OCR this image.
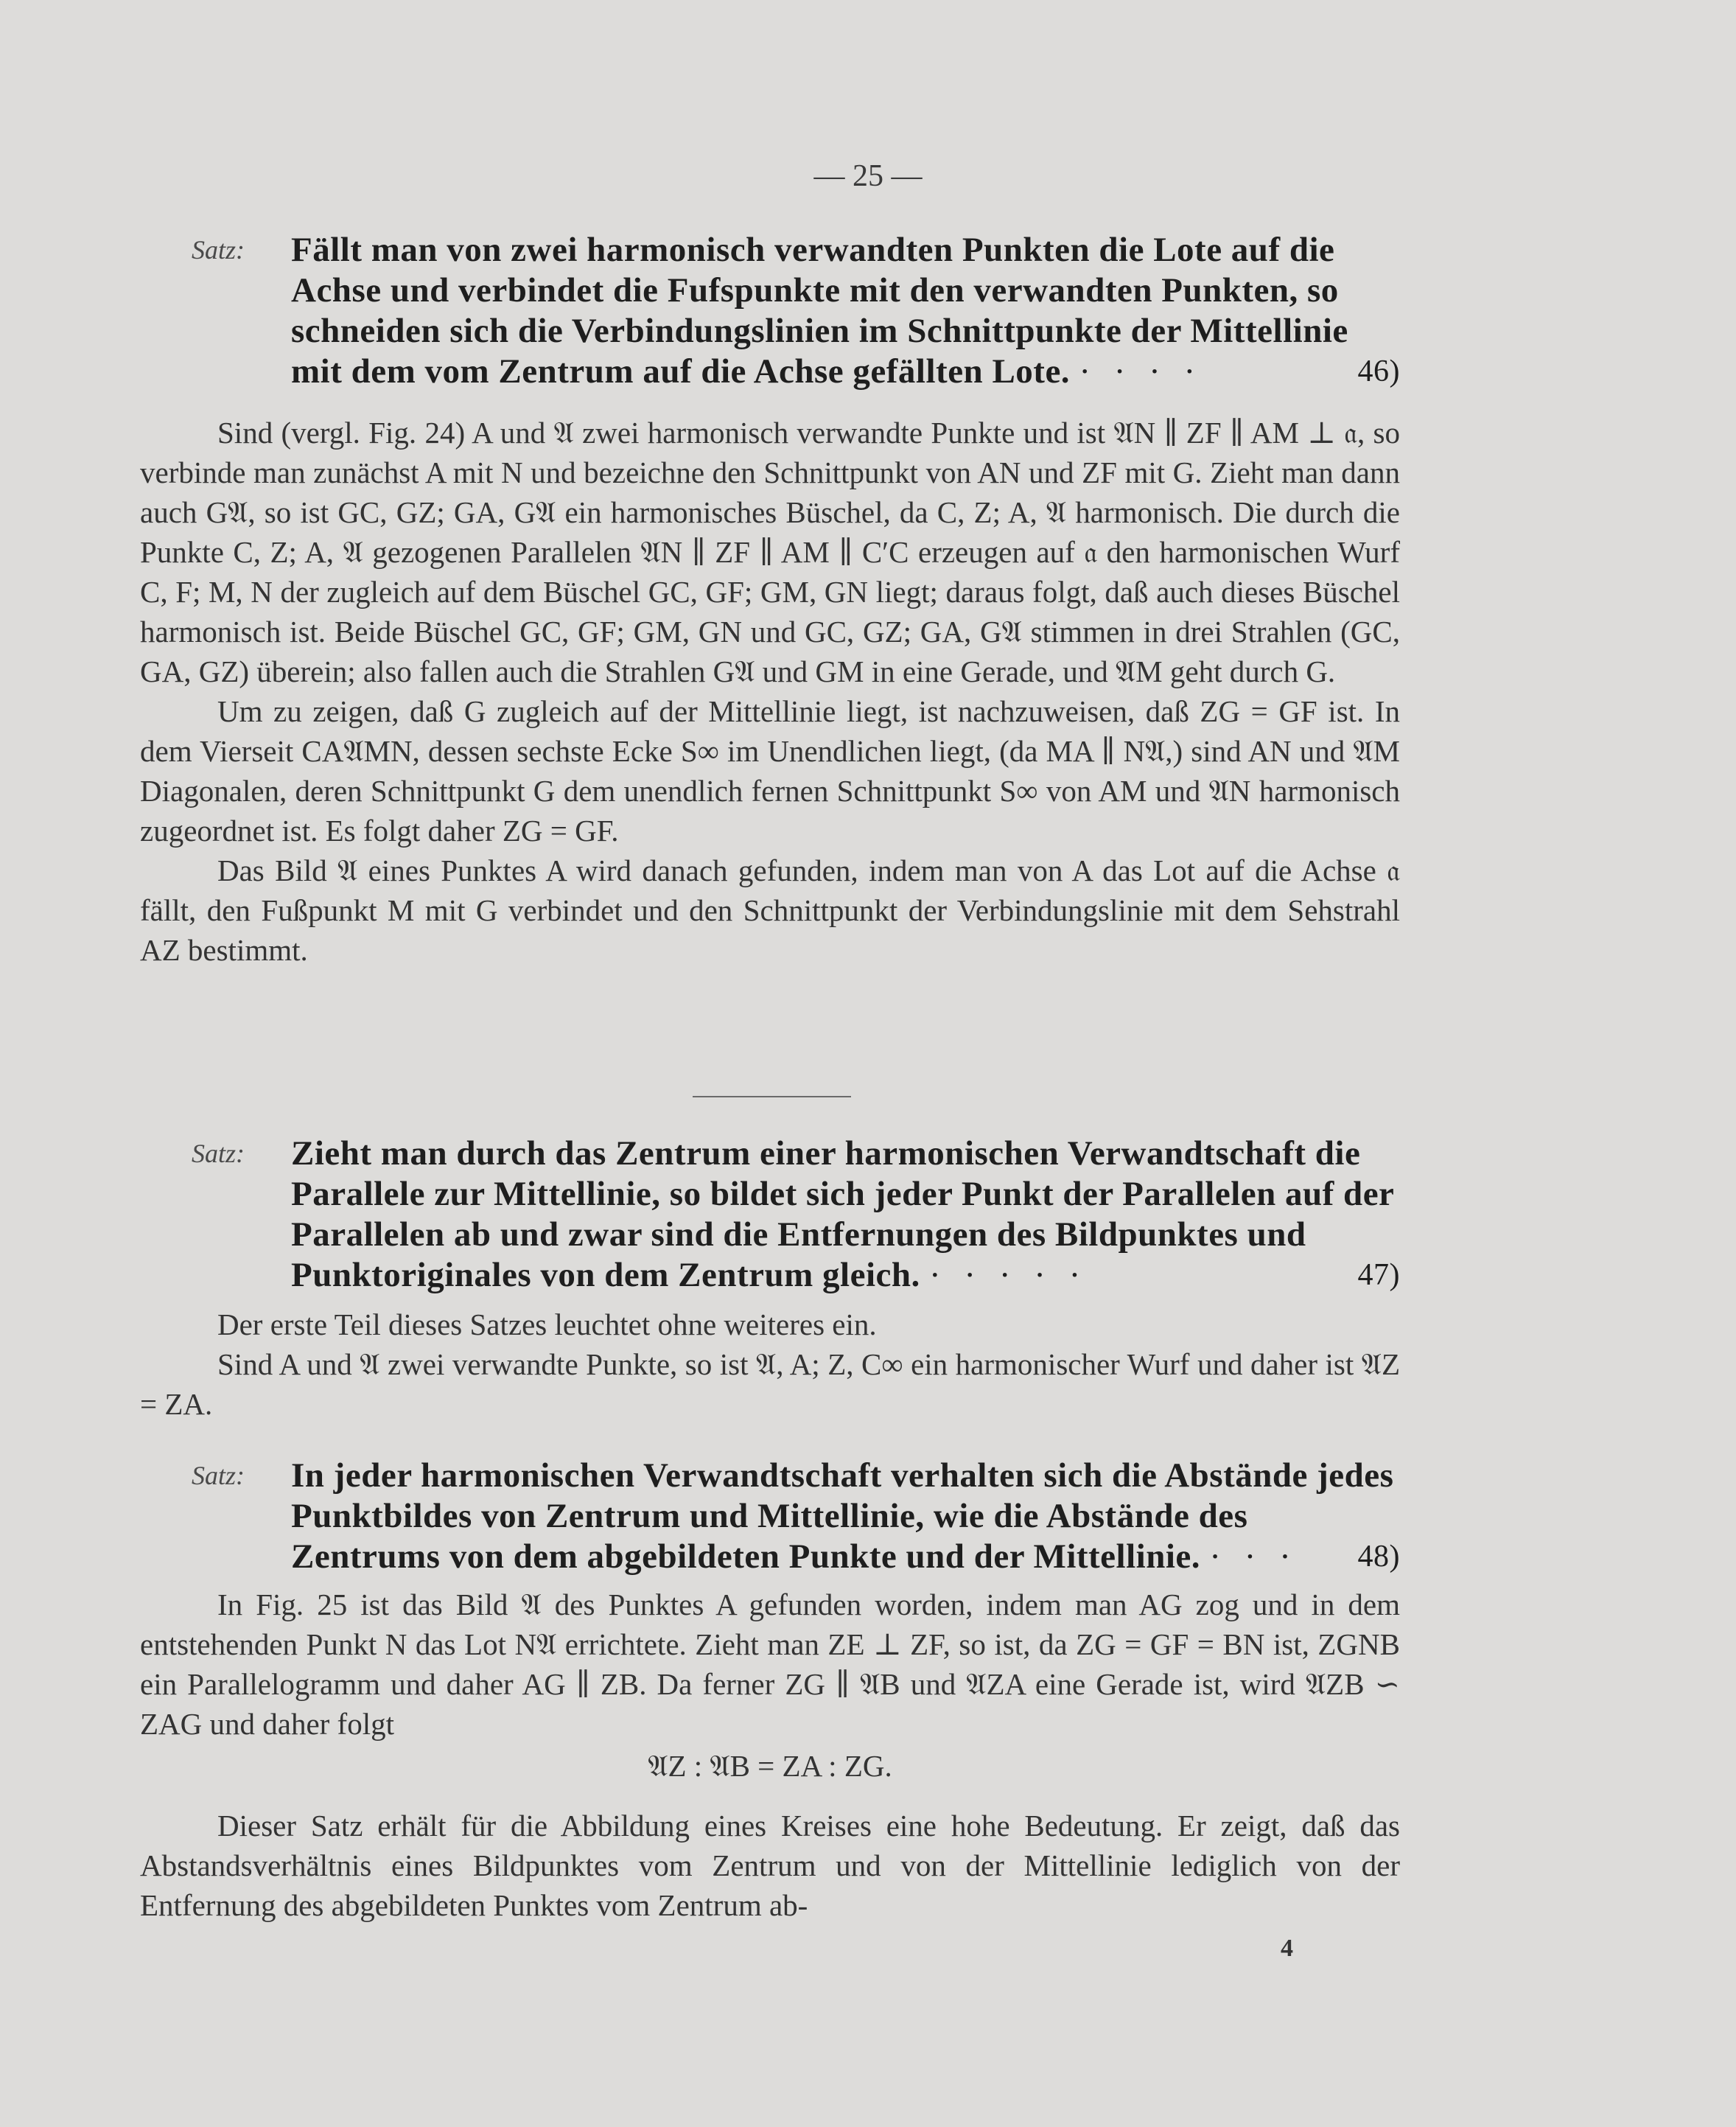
— 25 —
Satz: Fällt man von zwei harmonisch verwandten Punkten die Lote auf die Achse und verbindet die Fufspunkte mit den verwandten Punkten, so schneiden sich die Verbindungslinien im Schnittpunkte der Mittellinie mit dem vom Zentrum auf die Achse gefällten Lote. · · · ·	46)

Sind (vergl. Fig. 24) A und 𝔄 zwei harmonisch verwandte Punkte und ist 𝔄N ∥ ZF ∥ AM ⊥ 𝔞, so verbinde man zunächst A mit N und bezeichne den Schnittpunkt von AN und ZF mit G. Zieht man dann auch G𝔄, so ist GC, GZ; GA, G𝔄 ein harmonisches Büschel, da C, Z; A, 𝔄 harmonisch. Die durch die Punkte C, Z; A, 𝔄 gezogenen Parallelen 𝔄N ∥ ZF ∥ AM ∥ C′C erzeugen auf 𝔞 den harmonischen Wurf C, F; M, N der zugleich auf dem Büschel GC, GF; GM, GN liegt; daraus folgt, daß auch dieses Büschel harmonisch ist. Beide Büschel GC, GF; GM, GN und GC, GZ; GA, G𝔄 stimmen in drei Strahlen (GC, GA, GZ) überein; also fallen auch die Strahlen G𝔄 und GM in eine Gerade, und 𝔄M geht durch G.

Um zu zeigen, daß G zugleich auf der Mittellinie liegt, ist nachzuweisen, daß ZG = GF ist. In dem Vierseit CA𝔄MN, dessen sechste Ecke S∞ im Unendlichen liegt, (da MA ∥ N𝔄,) sind AN und 𝔄M Diagonalen, deren Schnittpunkt G dem unendlich fernen Schnittpunkt S∞ von AM und 𝔄N harmonisch zugeordnet ist. Es folgt daher ZG = GF.

Das Bild 𝔄 eines Punktes A wird danach gefunden, indem man von A das Lot auf die Achse 𝔞 fällt, den Fußpunkt M mit G verbindet und den Schnittpunkt der Verbindungslinie mit dem Sehstrahl AZ bestimmt.

Satz: Zieht man durch das Zentrum einer harmonischen Verwandtschaft die Parallele zur Mittellinie, so bildet sich jeder Punkt der Parallelen auf der Parallelen ab und zwar sind die Entfernungen des Bildpunktes und Punktoriginales von dem Zentrum gleich. · · · · ·	47)

Der erste Teil dieses Satzes leuchtet ohne weiteres ein.

Sind A und 𝔄 zwei verwandte Punkte, so ist 𝔄, A; Z, C∞ ein harmonischer Wurf und daher ist 𝔄Z = ZA.

Satz: In jeder harmonischen Verwandtschaft verhalten sich die Abstände jedes Punktbildes von Zentrum und Mittellinie, wie die Abstände des Zentrums von dem abgebildeten Punkte und der Mittellinie. · · · 48)

In Fig. 25 ist das Bild 𝔄 des Punktes A gefunden worden, indem man AG zog und in dem entstehenden Punkt N das Lot N𝔄 errichtete. Zieht man ZE ⊥ ZF, so ist, da ZG = GF = BN ist, ZGNB ein Parallelogramm und daher AG ∥ ZB. Da ferner ZG ∥ 𝔄B und 𝔄ZA eine Gerade ist, wird 𝔄ZB ∽ ZAG und daher folgt

𝔄Z : 𝔄B = ZA : ZG.

Dieser Satz erhält für die Abbildung eines Kreises eine hohe Bedeutung. Er zeigt, daß das Abstandsverhältnis eines Bildpunktes vom Zentrum und von der Mittellinie lediglich von der Entfernung des abgebildeten Punktes vom Zentrum ab-

4
